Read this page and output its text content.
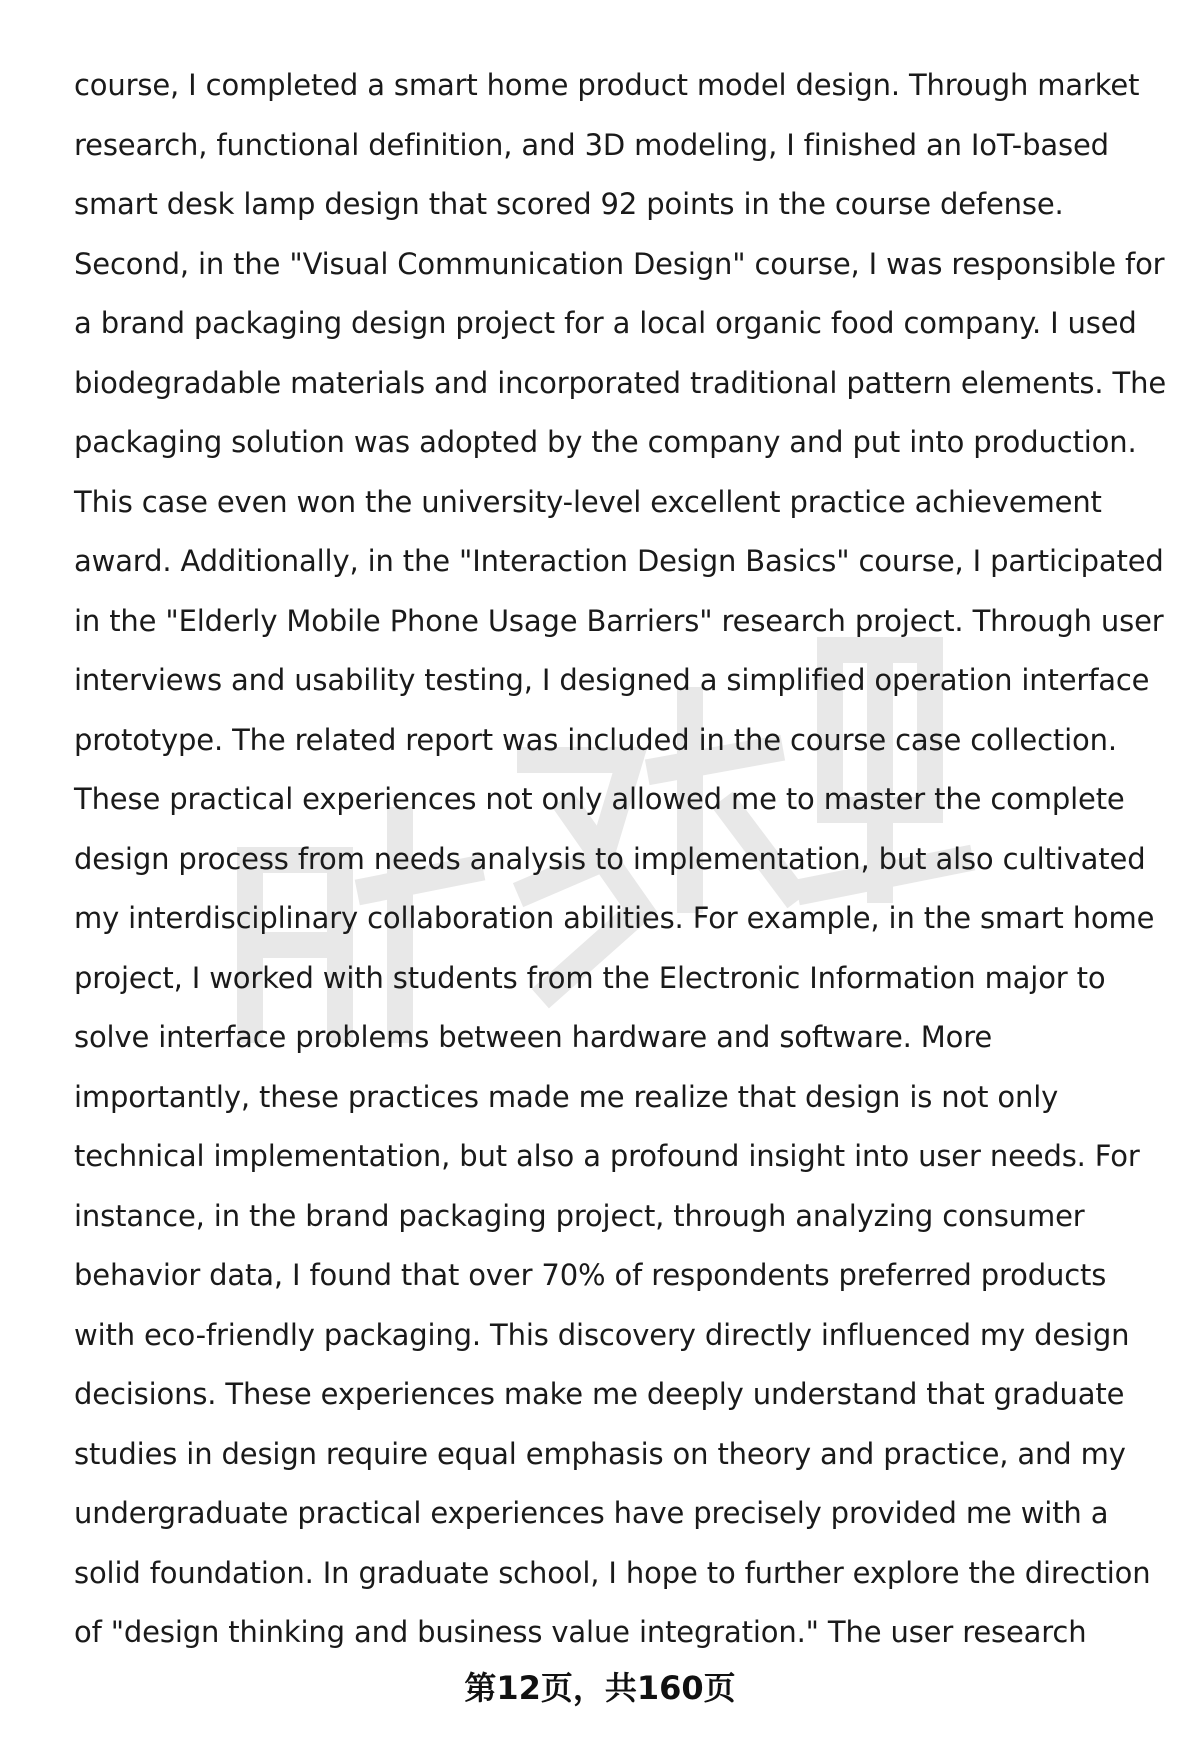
course, I completed a smart home product model design. Through market
research, functional definition, and 3D modeling, I finished an IoT-based
smart desk lamp design that scored 92 points in the course defense.
Second, in the "Visual Communication Design" course, I was responsible for
a brand packaging design project for a local organic food company. I used
biodegradable materials and incorporated traditional pattern elements. The
packaging solution was adopted by the company and put into production.
This case even won the university-level excellent practice achievement
award. Additionally, in the "Interaction Design Basics" course, I participated
in the "Elderly Mobile Phone Usage Barriers" research project. Through user
interviews and usability testing, I designed a simplified operation interface
prototype. The related report was included in the course case collection.
These practical experiences not only allowed me to master the complete
design process from needs analysis to implementation, but also cultivated
my interdisciplinary collaboration abilities. For example, in the smart home
project, I worked with students from the Electronic Information major to
solve interface problems between hardware and software. More
importantly, these practices made me realize that design is not only
technical implementation, but also a profound insight into user needs. For
instance, in the brand packaging project, through analyzing consumer
behavior data, I found that over 70% of respondents preferred products
with eco-friendly packaging. This discovery directly influenced my design
decisions. These experiences make me deeply understand that graduate
studies in design require equal emphasis on theory and practice, and my
undergraduate practical experiences have precisely provided me with a
solid foundation. In graduate school, I hope to further explore the direction
of "design thinking and business value integration." The user research
第12页，共160页
